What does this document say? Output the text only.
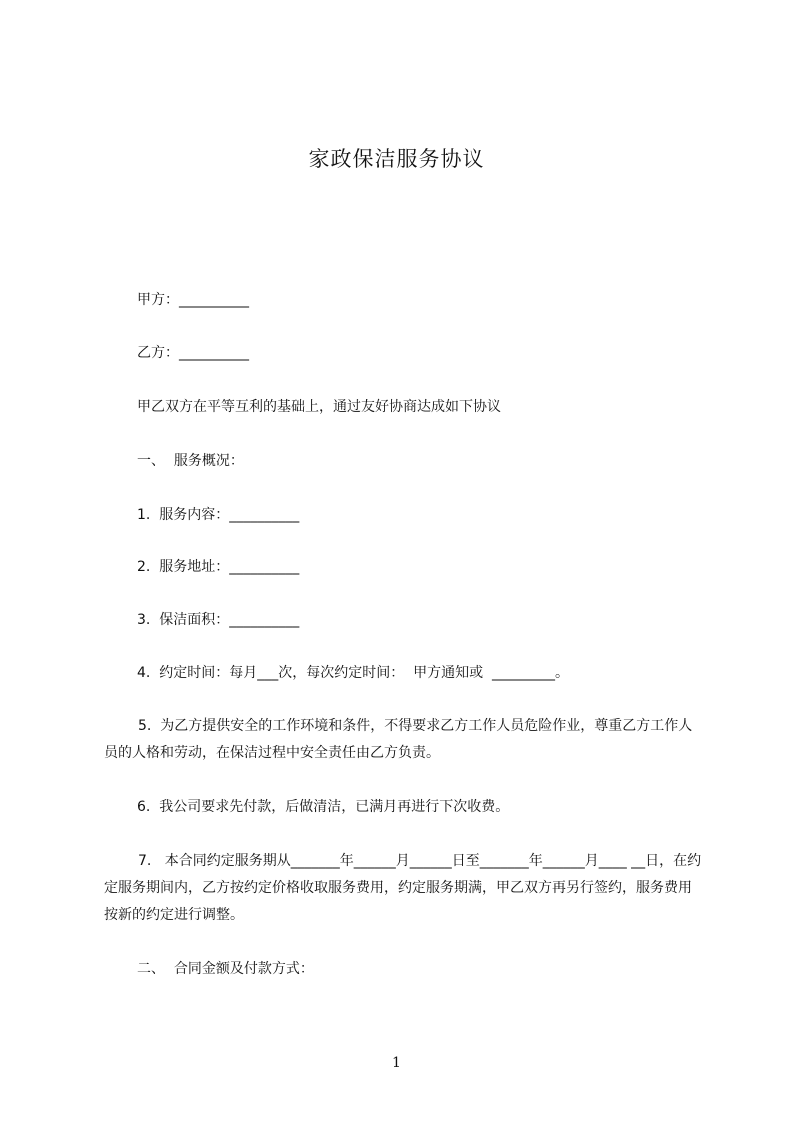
家政保洁服务协议
甲方：__________
乙方：__________
甲乙双方在平等互利的基础上，通过友好协商达成如下协议
一、  服务概况：
1.  服务内容：__________
2.  服务地址：__________
3.  保洁面积：__________
4.  约定时间：每月___次，每次约定时间：  甲方通知或  _________。
5.  为乙方提供安全的工作环境和条件，不得要求乙方工作人员危险作业，尊重乙方工作人员的人格和劳动，在保洁过程中安全责任由乙方负责。
6.  我公司要求先付款，后做清洁，已满月再进行下次收费。
7.   本合同约定服务期从_______年______月______日至_______年______月____ __日，在约定服务期间内，乙方按约定价格收取服务费用，约定服务期满，甲乙双方再另行签约，服务费用按新的约定进行调整。
二、  合同金额及付款方式：
1
